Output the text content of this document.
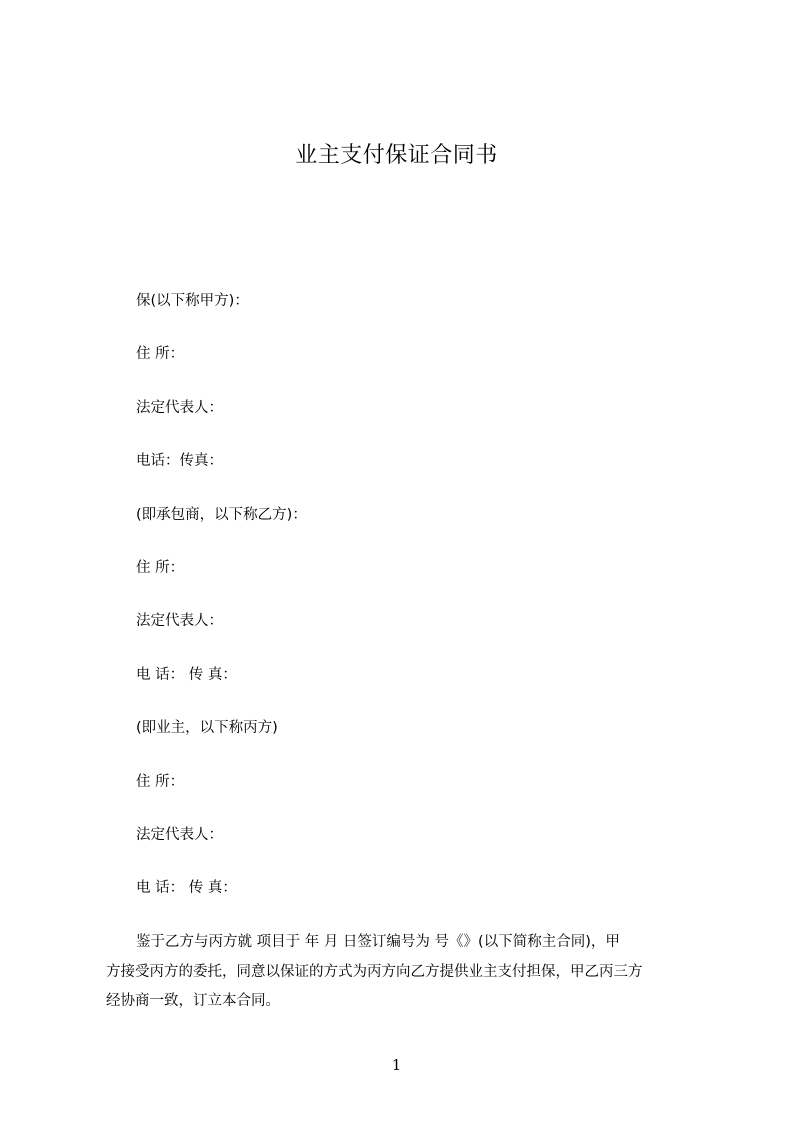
业主支付保证合同书
保(以下称甲方)：
住 所：
法定代表人：
电话：传真：
(即承包商，以下称乙方)：
住 所：
法定代表人：
电 话： 传 真：
(即业主，以下称丙方)
住 所：
法定代表人：
电 话： 传 真：
鉴于乙方与丙方就 项目于 年 月 日签订编号为 号《》(以下简称主合同)，甲
方接受丙方的委托，同意以保证的方式为丙方向乙方提供业主支付担保，甲乙丙三方
经协商一致，订立本合同。
1
